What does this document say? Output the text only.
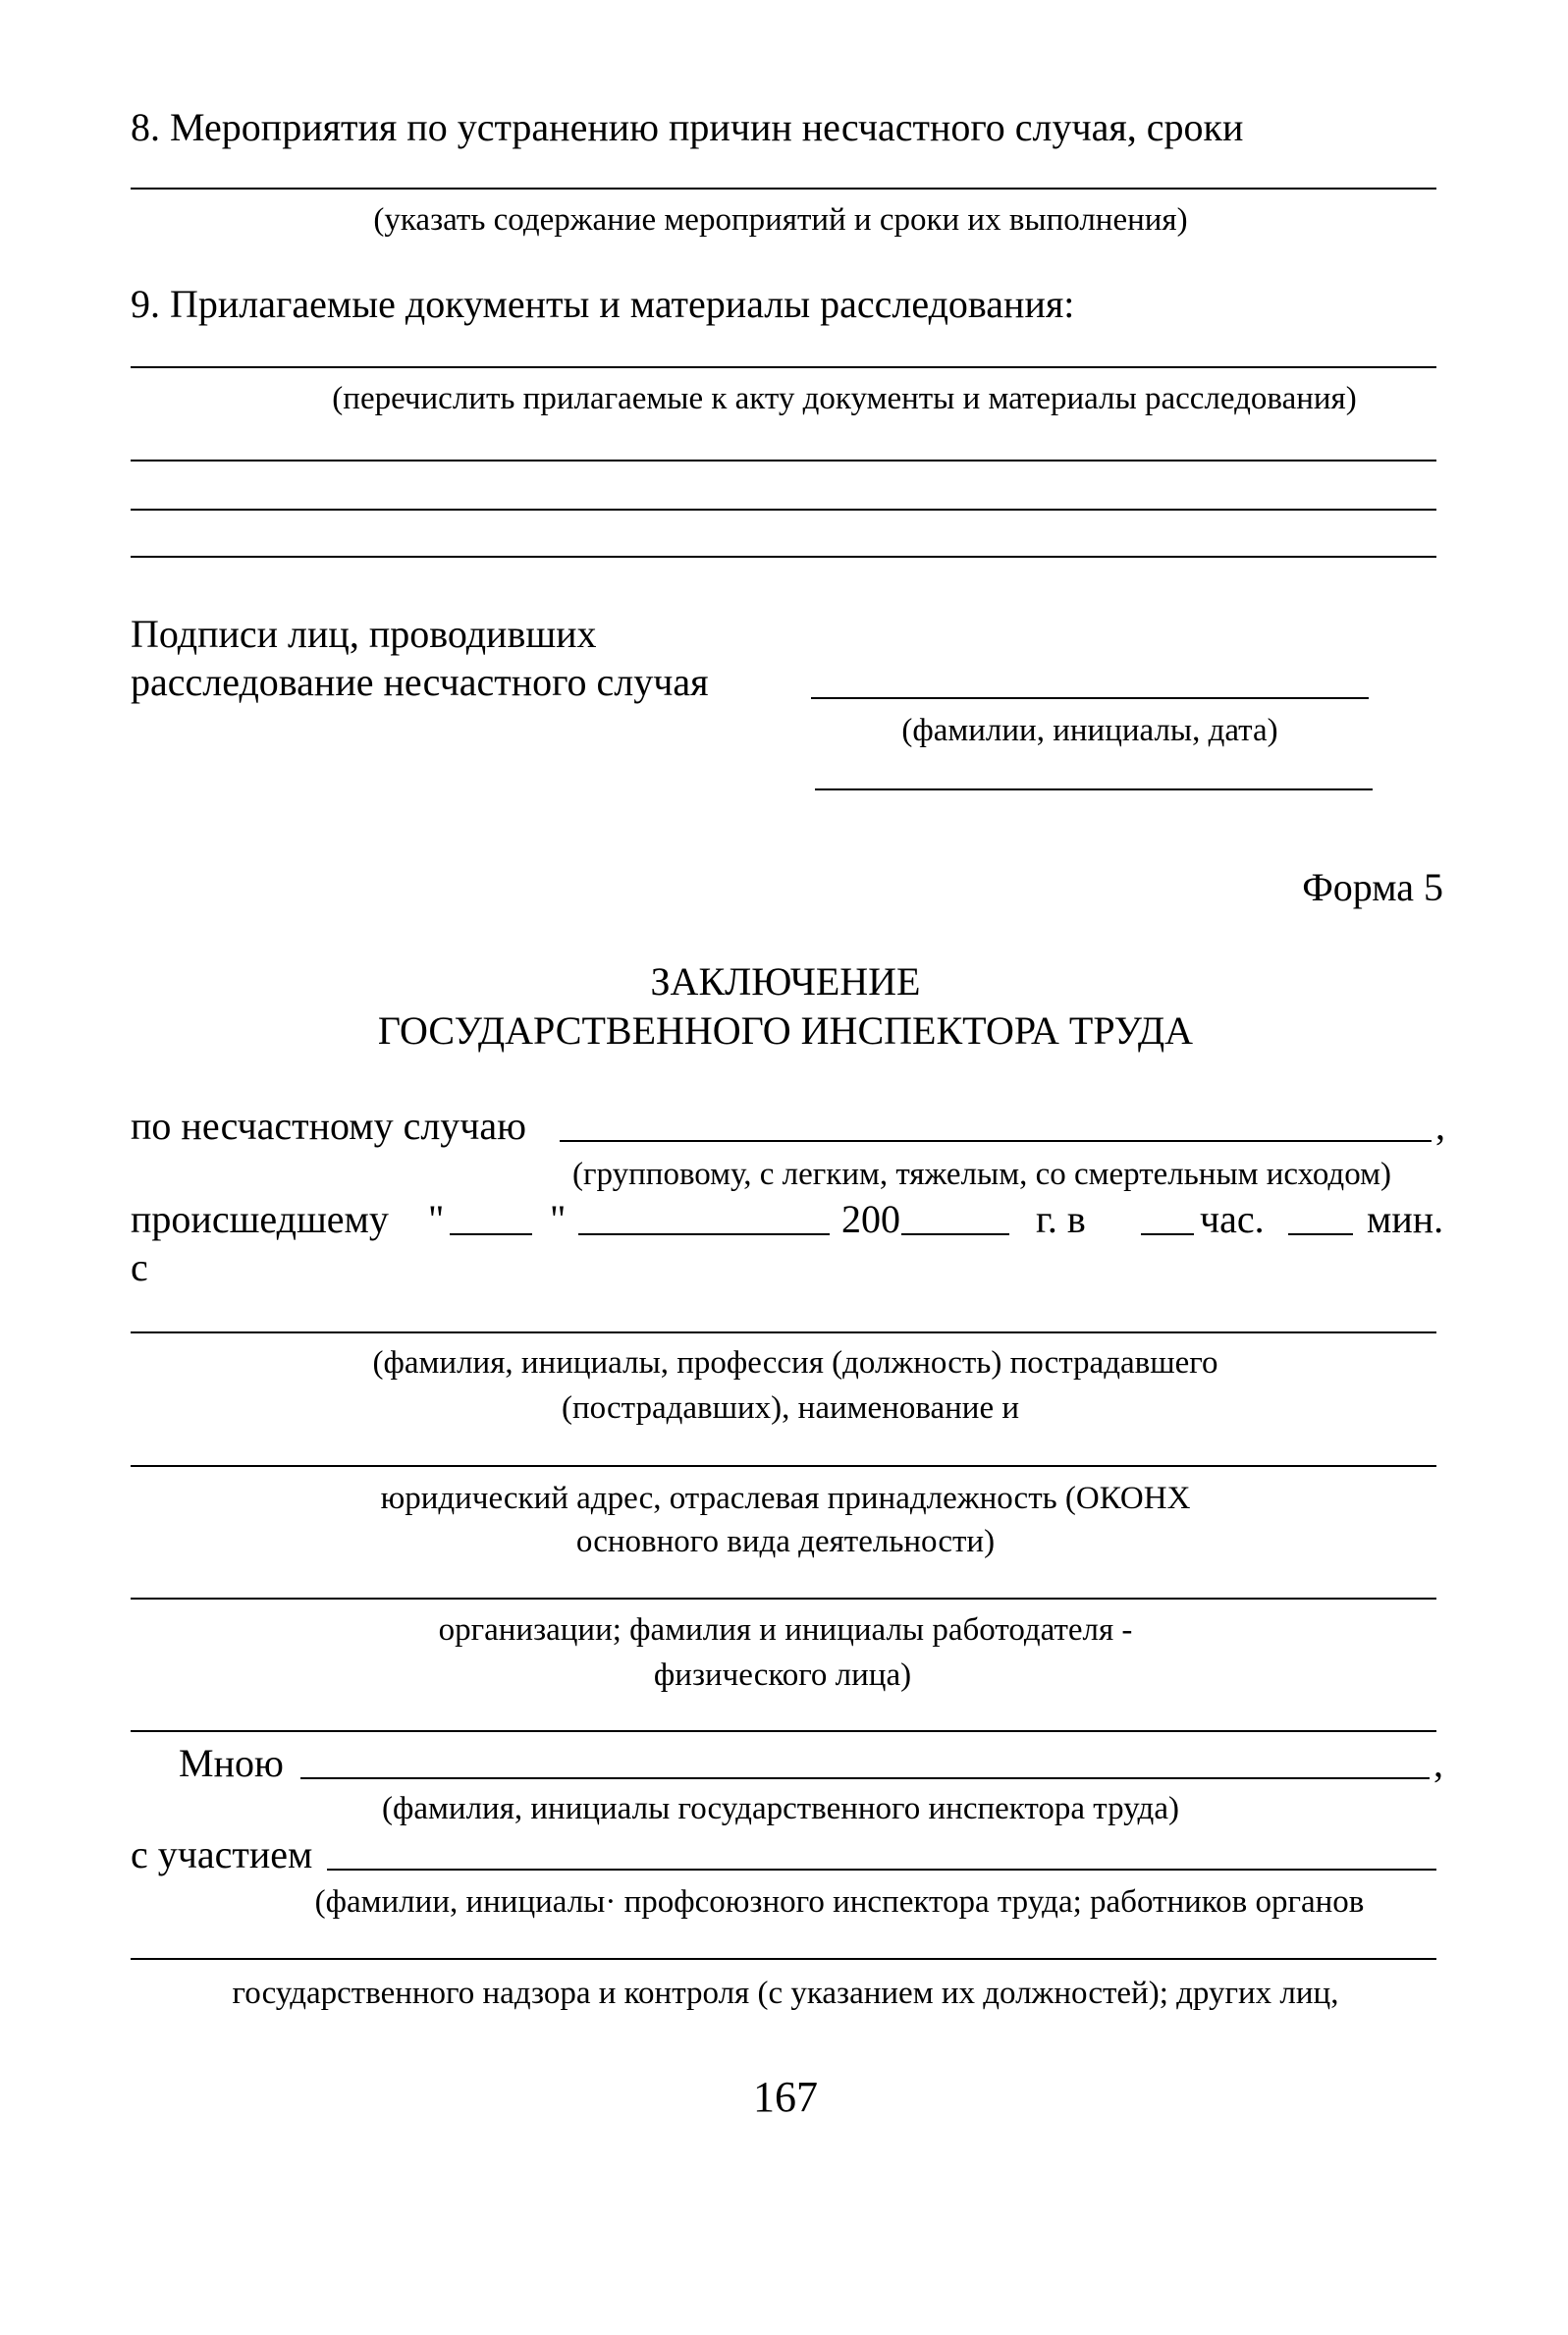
8. Мероприятия по устранению причин несчастного случая, сроки
(указать содержание мероприятий и сроки их выполнения)
9. Прилагаемые документы и материалы расследования:
(перечислить прилагаемые к акту документы и материалы расследования)
Подписи лиц, проводивших
расследование несчастного случая
(фамилии, инициалы, дата)
Форма 5
ЗАКЛЮЧЕНИЕ
ГОСУДАРСТВЕННОГО ИНСПЕКТОРА ТРУДА
по несчастному случаю	,
(групповому, с легким, тяжелым, со смертельным исходом)
происшедшему "	"	200	г. в	час.	мин.
с
(фамилия, инициалы, профессия (должность) пострадавшего
(пострадавших), наименование и
юридический адрес, отраслевая принадлежность (ОКОНХ
основного вида деятельности)
организации; фамилия и инициалы работодателя -
физического лица)
Мною	,
(фамилия, инициалы государственного инспектора труда)
с участием
(фамилии, инициалы· профсоюзного инспектора труда; работников органов
государственного надзора и контроля (с указанием их должностей); других лиц,
167
